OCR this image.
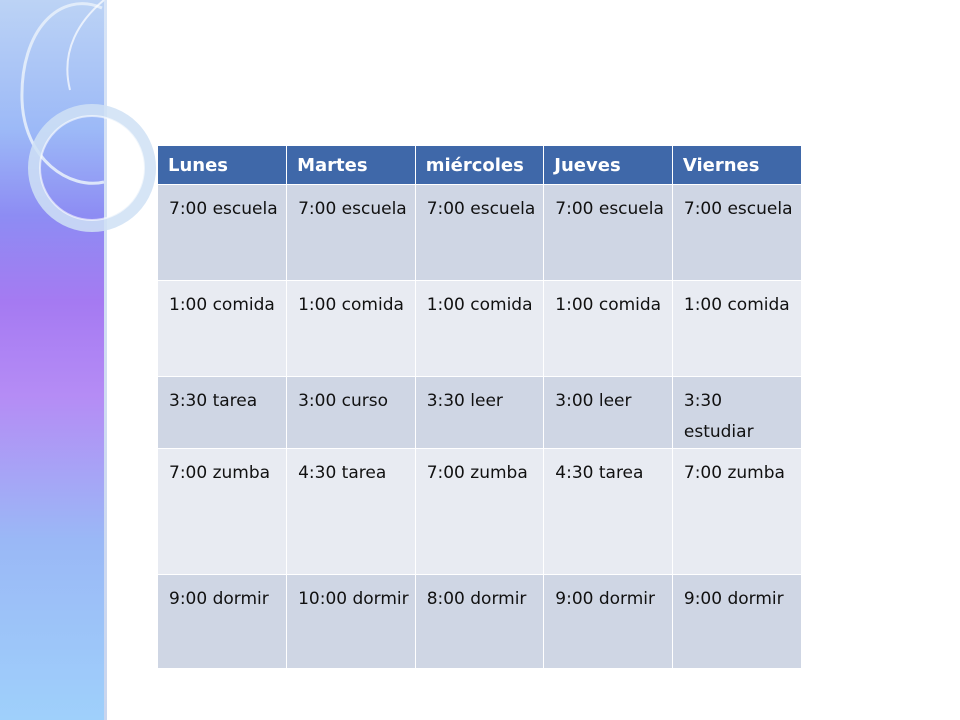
Lunes	Martes	miércoles	Jueves	Viernes
7:00 escuela	7:00 escuela	7:00 escuela	7:00 escuela	7:00 escuela
1:00 comida	1:00 comida	1:00 comida	1:00 comida	1:00 comida
3:30 tarea	3:00 curso	3:30 leer	3:00 leer	3:30 estudiar
7:00 zumba	4:30 tarea	7:00 zumba	4:30 tarea	7:00 zumba
9:00 dormir	10:00 dormir	8:00 dormir	9:00 dormir	9:00 dormir
